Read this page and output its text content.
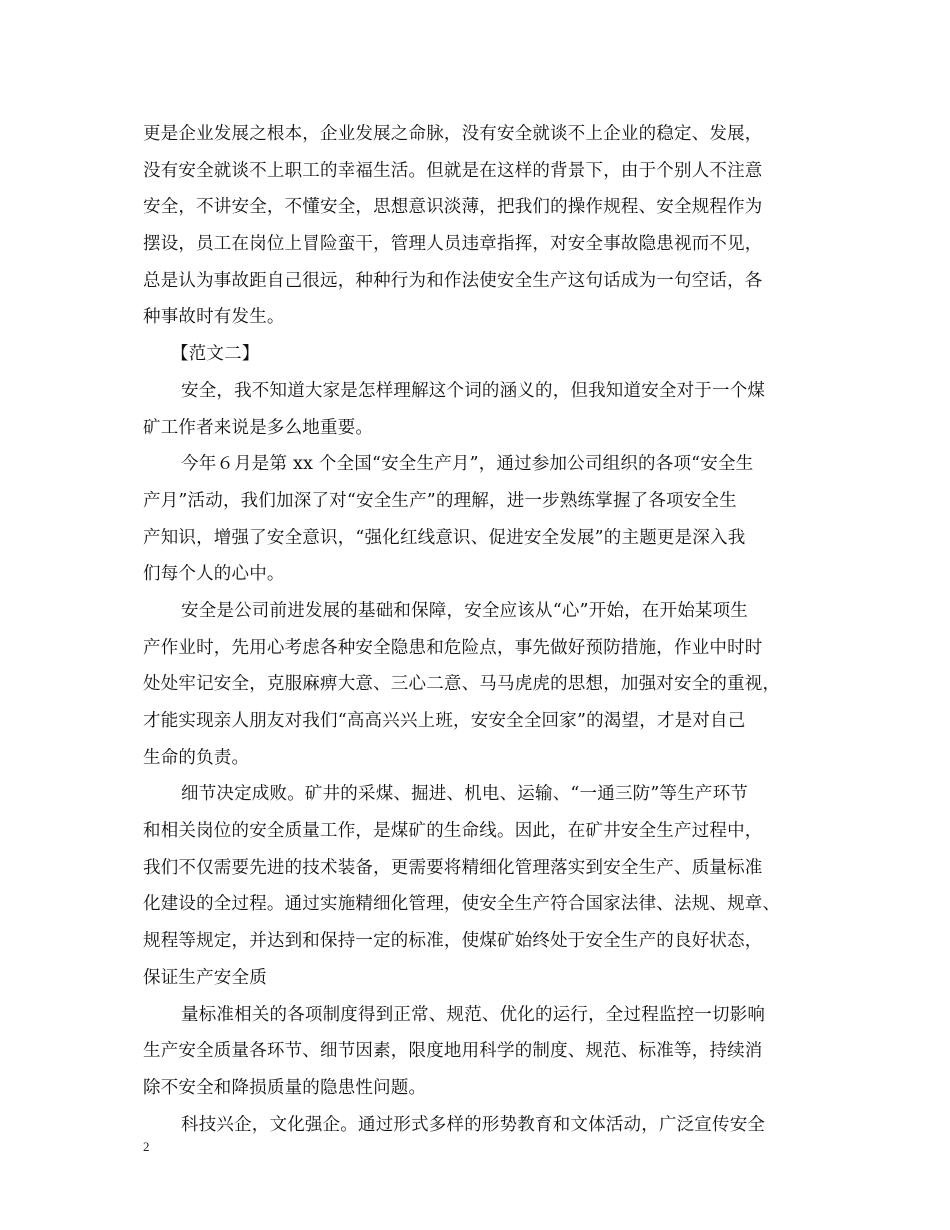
更是企业发展之根本，企业发展之命脉，没有安全就谈不上企业的稳定、发展，
没有安全就谈不上职工的幸福生活。但就是在这样的背景下，由于个别人不注意
安全，不讲安全，不懂安全，思想意识淡薄，把我们的操作规程、安全规程作为
摆设，员工在岗位上冒险蛮干，管理人员违章指挥，对安全事故隐患视而不见，
总是认为事故距自己很远，种种行为和作法使安全生产这句话成为一句空话，各
种事故时有发生。
【范文二】
安全，我不知道大家是怎样理解这个词的涵义的，但我知道安全对于一个煤
矿工作者来说是多么地重要。
今年６月是第 xx 个全国“安全生产月”，通过参加公司组织的各项“安全生
产月”活动，我们加深了对“安全生产”的理解，进一步熟练掌握了各项安全生
产知识，增强了安全意识，“强化红线意识、促进安全发展”的主题更是深入我
们每个人的心中。
安全是公司前进发展的基础和保障，安全应该从“心”开始，在开始某项生
产作业时，先用心考虑各种安全隐患和危险点，事先做好预防措施，作业中时时
处处牢记安全，克服麻痹大意、三心二意、马马虎虎的思想，加强对安全的重视，
才能实现亲人朋友对我们“高高兴兴上班，安安全全回家”的渴望，才是对自己
生命的负责。
细节决定成败。矿井的采煤、掘进、机电、运输、“一通三防”等生产环节
和相关岗位的安全质量工作，是煤矿的生命线。因此，在矿井安全生产过程中，
我们不仅需要先进的技术装备，更需要将精细化管理落实到安全生产、质量标准
化建设的全过程。通过实施精细化管理，使安全生产符合国家法律、法规、规章、
规程等规定，并达到和保持一定的标准，使煤矿始终处于安全生产的良好状态，
保证生产安全质
量标准相关的各项制度得到正常、规范、优化的运行，全过程监控一切影响
生产安全质量各环节、细节因素，限度地用科学的制度、规范、标准等，持续消
除不安全和降损质量的隐患性问题。
科技兴企，文化强企。通过形式多样的形势教育和文体活动，广泛宣传安全
2
